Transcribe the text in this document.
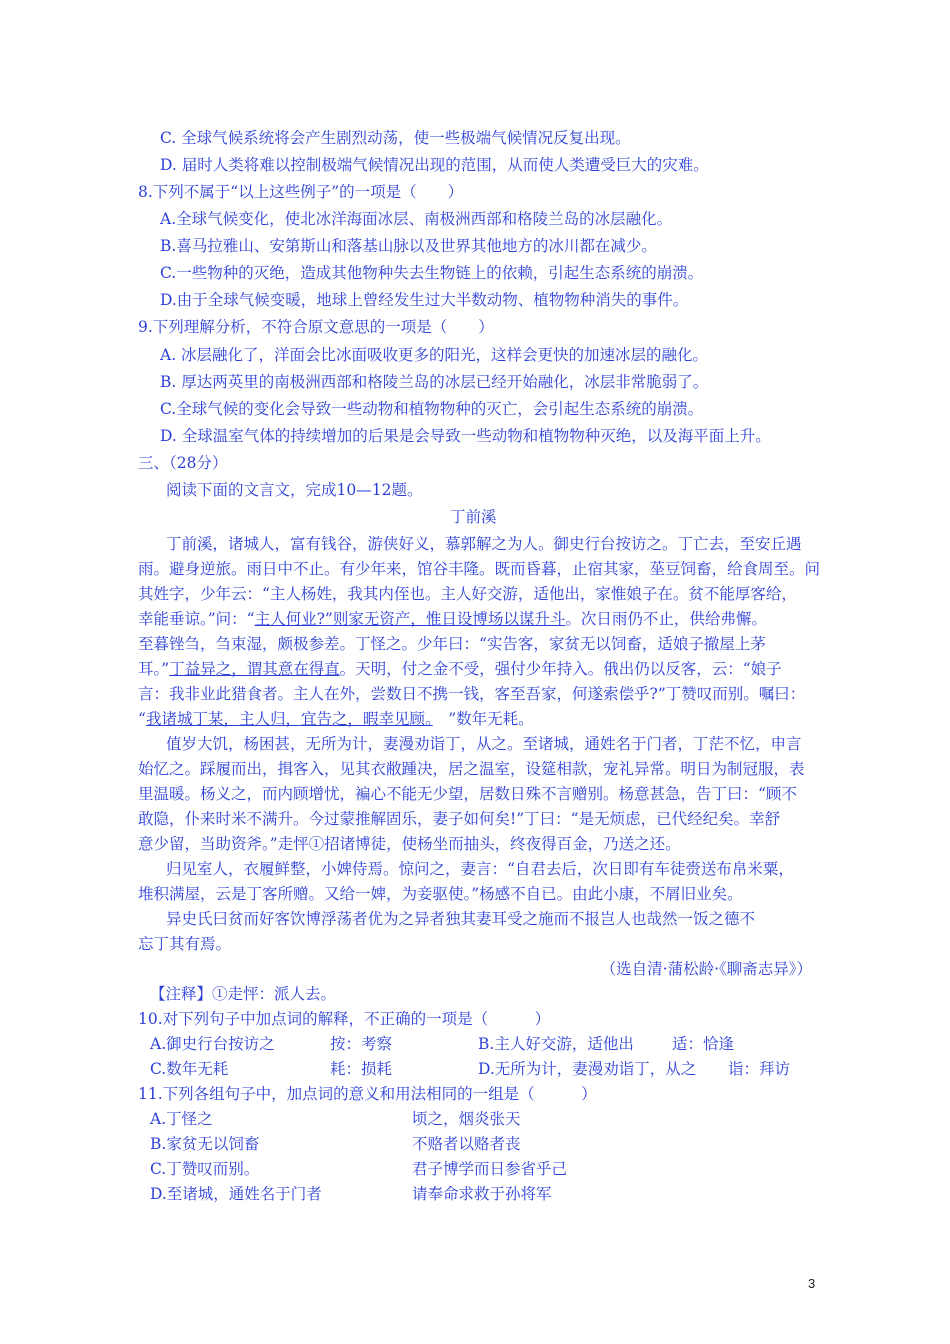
C. 全球气候系统将会产生剧烈动荡，使一些极端气候情况反复出现。
D. 届时人类将难以控制极端气候情况出现的范围，从而使人类遭受巨大的灾难。
8.下列不属于“以上这些例子”的一项是（　　）
A.全球气候变化，使北冰洋海面冰层、南极洲西部和格陵兰岛的冰层融化。
B.喜马拉雅山、安第斯山和落基山脉以及世界其他地方的冰川都在减少。
C.一些物种的灭绝，造成其他物种失去生物链上的依赖，引起生态系统的崩溃。
D.由于全球气候变暖，地球上曾经发生过大半数动物、植物物种消失的事件。
9.下列理解分析，不符合原文意思的一项是（　　）
A. 冰层融化了，洋面会比冰面吸收更多的阳光，这样会更快的加速冰层的融化。
B. 厚达两英里的南极洲西部和格陵兰岛的冰层已经开始融化，冰层非常脆弱了。
C.全球气候的变化会导致一些动物和植物物种的灭亡，会引起生态系统的崩溃。
D. 全球温室气体的持续增加的后果是会导致一些动物和植物物种灭绝，以及海平面上升。
三、（28分）
阅读下面的文言文，完成10—12题。
丁前溪
丁前溪，诸城人，富有钱谷，游侠好义，慕郭解之为人。御史行台按访之。丁亡去，至安丘遇
雨。避身逆旅。雨日中不止。有少年来，馆谷丰隆。既而昏暮，止宿其家，莝豆饲畜，给食周至。问
其姓字，少年云：“主人杨姓，我其内侄也。主人好交游，适他出，家惟娘子在。贫不能厚客给，
幸能垂谅。”问：“主人何业?”则家无资产，惟日设博场以谋升斗。次日雨仍不止，供给弗懈。
至暮锉刍，刍束湿，颇极参差。丁怪之。少年曰：“实告客，家贫无以饲畜，适娘子撤屋上茅
耳。”丁益异之，谓其意在得直。天明，付之金不受，强付少年持入。俄出仍以反客，云：“娘子
言：我非业此猎食者。主人在外，尝数日不携一钱，客至吾家，何遂索偿乎?”丁赞叹而别。嘱曰：
“我诸城丁某，主人归，宜告之，暇幸见顾。　”数年无耗。
值岁大饥，杨困甚，无所为计，妻漫劝诣丁，从之。至诸城，通姓名于门者，丁茫不忆，申言
始忆之。踩履而出，揖客入，见其衣敝踵决，居之温室，设筵相款，宠礼异常。明日为制冠服，表
里温暖。杨义之，而内顾增忧，褊心不能无少望，居数日殊不言赠别。杨意甚急，告丁曰：“顾不
敢隐，仆来时米不满升。今过蒙推解固乐，妻子如何矣!”丁曰：“是无烦虑，已代经纪矣。幸舒
意少留，当助资斧。”走怦①招诸博徒，使杨坐而抽头，终夜得百金，乃送之还。
归见室人，衣履鲜整，小婢侍焉。惊问之，妻言：“自君去后，次日即有车徒赍送布帛米粟，
堆积满屋，云是丁客所赠。又给一婢，为妾驱使。”杨感不自已。由此小康，不屑旧业矣。
异史氏曰贫而好客饮博浮荡者优为之异者独其妻耳受之施而不报岂人也哉然一饭之德不
忘丁其有焉。
（选自清·蒲松龄·《聊斋志异》）
【注释】①走怦：派人去。
10.对下列句子中加点词的解释，不正确的一项是（　　　）
A.御史行台按访之	按：考察	B.主人好交游，适他出 适：恰逢
C.数年无耗	耗：损耗	D.无所为计，妻漫劝诣丁，从之 诣：拜访
11.下列各组句子中，加点词的意义和用法相同的一组是（　　　）
A.丁怪之	顷之，烟炎张天
B.家贫无以饲畜	不赂者以赂者丧
C.丁赞叹而别。	君子博学而日参省乎己
D.至诸城，通姓名于门者	请奉命求救于孙将军
3
